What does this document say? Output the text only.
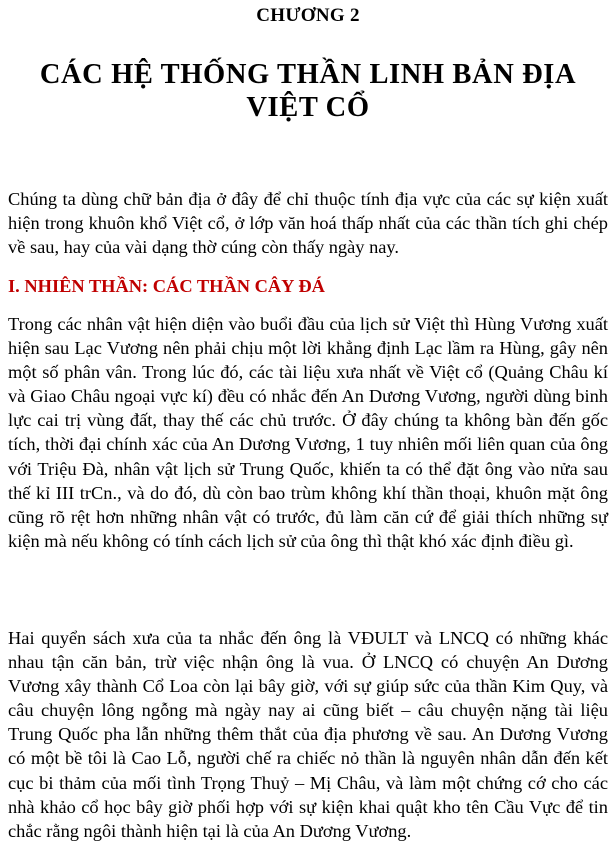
CHƯƠNG 2
CÁC HỆ THỐNG THẦN LINH BẢN ĐỊA
VIỆT CỔ

Chúng ta dùng chữ bản địa ở đây để chỉ thuộc tính địa vực của các sự kiện xuất hiện trong khuôn khổ Việt cổ, ở lớp văn hoá thấp nhất của các thần tích ghi chép về sau, hay của vài dạng thờ cúng còn thấy ngày nay.

I. NHIÊN THẦN: CÁC THẦN CÂY ĐÁ

Trong các nhân vật hiện diện vào buổi đầu của lịch sử Việt thì Hùng Vương xuất hiện sau Lạc Vương nên phải chịu một lời khẳng định Lạc lầm ra Hùng, gây nên một số phân vân. Trong lúc đó, các tài liệu xưa nhất về Việt cổ (Quảng Châu kí và Giao Châu ngoại vực kí) đều có nhắc đến An Dương Vương, người dùng binh lực cai trị vùng đất, thay thế các chủ trước. Ở đây chúng ta không bàn đến gốc tích, thời đại chính xác của An Dương Vương, 1 tuy nhiên mối liên quan của ông với Triệu Đà, nhân vật lịch sử Trung Quốc, khiến ta có thể đặt ông vào nửa sau thế kỉ III trCn., và do đó, dù còn bao trùm không khí thần thoại, khuôn mặt ông cũng rõ rệt hơn những nhân vật có trước, đủ làm căn cứ để giải thích những sự kiện mà nếu không có tính cách lịch sử của ông thì thật khó xác định điều gì.

Hai quyển sách xưa của ta nhắc đến ông là VĐULT và LNCQ có những khác nhau tận căn bản, trừ việc nhận ông là vua. Ở LNCQ có chuyện An Dương Vương xây thành Cổ Loa còn lại bây giờ, với sự giúp sức của thần Kim Quy, và câu chuyện lông ngỗng mà ngày nay ai cũng biết – câu chuyện nặng tài liệu Trung Quốc pha lẫn những thêm thắt của địa phương về sau. An Dương Vương có một bề tôi là Cao Lỗ, người chế ra chiếc nỏ thần là nguyên nhân dẫn đến kết cục bi thảm của mối tình Trọng Thuỷ – Mị Châu, và làm một chứng cớ cho các nhà khảo cổ học bây giờ phối hợp với sự kiện khai quật kho tên Cầu Vực để tin chắc rằng ngôi thành hiện tại là của An Dương Vương.
